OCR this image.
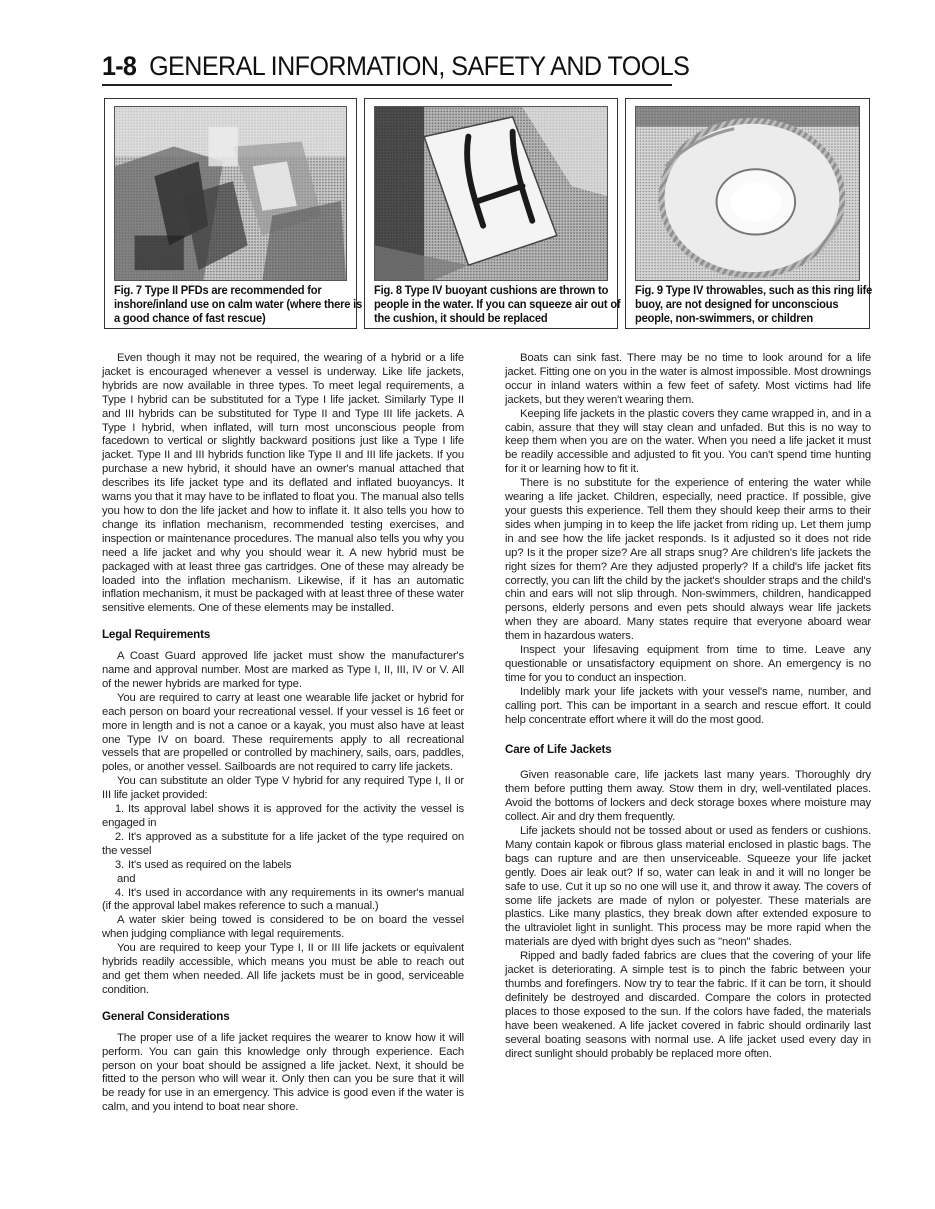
1-8 GENERAL INFORMATION, SAFETY AND TOOLS
Fig. 7 Type II PFDs are recommended for inshore/inland use on calm water (where there is a good chance of fast rescue)
Fig. 8 Type IV buoyant cushions are thrown to people in the water. If you can squeeze air out of the cushion, it should be replaced
Fig. 9 Type IV throwables, such as this ring life buoy, are not designed for unconscious people, non-swimmers, or children

Even though it may not be required, the wearing of a hybrid or a life jacket is encouraged whenever a vessel is underway. Like life jackets, hybrids are now available in three types. To meet legal requirements, a Type I hybrid can be substituted for a Type I life jacket. Similarly Type II and III hybrids can be substituted for Type II and Type III life jackets. A Type I hybrid, when inflated, will turn most unconscious people from facedown to vertical or slightly backward positions just like a Type I life jacket. Type II and III hybrids function like Type II and III life jackets. If you purchase a new hybrid, it should have an owner's manual attached that describes its life jacket type and its deflated and inflated buoyancys. It warns you that it may have to be inflated to float you. The manual also tells you how to don the life jacket and how to inflate it. It also tells you how to change its inflation mechanism, recommended testing exercises, and inspection or maintenance procedures. The manual also tells you why you need a life jacket and why you should wear it. A new hybrid must be packaged with at least three gas cartridges. One of these may already be loaded into the inflation mechanism. Likewise, if it has an automatic inflation mechanism, it must be packaged with at least three of these water sensitive elements. One of these elements may be installed.

Legal Requirements

A Coast Guard approved life jacket must show the manufacturer's name and approval number. Most are marked as Type I, II, III, IV or V. All of the newer hybrids are marked for type.

You are required to carry at least one wearable life jacket or hybrid for each person on board your recreational vessel. If your vessel is 16 feet or more in length and is not a canoe or a kayak, you must also have at least one Type IV on board. These requirements apply to all recreational vessels that are propelled or controlled by machinery, sails, oars, paddles, poles, or another vessel. Sailboards are not required to carry life jackets.

You can substitute an older Type V hybrid for any required Type I, II or III life jacket provided:

1. Its approval label shows it is approved for the activity the vessel is engaged in

2. It's approved as a substitute for a life jacket of the type required on the vessel

3. It's used as required on the labels

and

4. It's used in accordance with any requirements in its owner's manual (if the approval label makes reference to such a manual.)

A water skier being towed is considered to be on board the vessel when judging compliance with legal requirements.

You are required to keep your Type I, II or III life jackets or equivalent hybrids readily accessible, which means you must be able to reach out and get them when needed. All life jackets must be in good, serviceable condition.

General Considerations

The proper use of a life jacket requires the wearer to know how it will perform. You can gain this knowledge only through experience. Each person on your boat should be assigned a life jacket. Next, it should be fitted to the person who will wear it. Only then can you be sure that it will be ready for use in an emergency. This advice is good even if the water is calm, and you intend to boat near shore.

Boats can sink fast. There may be no time to look around for a life jacket. Fitting one on you in the water is almost impossible. Most drownings occur in inland waters within a few feet of safety. Most victims had life jackets, but they weren't wearing them.

Keeping life jackets in the plastic covers they came wrapped in, and in a cabin, assure that they will stay clean and unfaded. But this is no way to keep them when you are on the water. When you need a life jacket it must be readily accessible and adjusted to fit you. You can't spend time hunting for it or learning how to fit it.

There is no substitute for the experience of entering the water while wearing a life jacket. Children, especially, need practice. If possible, give your guests this experience. Tell them they should keep their arms to their sides when jumping in to keep the life jacket from riding up. Let them jump in and see how the life jacket responds. Is it adjusted so it does not ride up? Is it the proper size? Are all straps snug? Are children's life jackets the right sizes for them? Are they adjusted properly? If a child's life jacket fits correctly, you can lift the child by the jacket's shoulder straps and the child's chin and ears will not slip through. Non-swimmers, children, handicapped persons, elderly persons and even pets should always wear life jackets when they are aboard. Many states require that everyone aboard wear them in hazardous waters.

Inspect your lifesaving equipment from time to time. Leave any questionable or unsatisfactory equipment on shore. An emergency is no time for you to conduct an inspection.

Indelibly mark your life jackets with your vessel's name, number, and calling port. This can be important in a search and rescue effort. It could help concentrate effort where it will do the most good.

Care of Life Jackets

Given reasonable care, life jackets last many years. Thoroughly dry them before putting them away. Stow them in dry, well-ventilated places. Avoid the bottoms of lockers and deck storage boxes where moisture may collect. Air and dry them frequently.

Life jackets should not be tossed about or used as fenders or cushions. Many contain kapok or fibrous glass material enclosed in plastic bags. The bags can rupture and are then unserviceable. Squeeze your life jacket gently. Does air leak out? If so, water can leak in and it will no longer be safe to use. Cut it up so no one will use it, and throw it away. The covers of some life jackets are made of nylon or polyester. These materials are plastics. Like many plastics, they break down after extended exposure to the ultraviolet light in sunlight. This process may be more rapid when the materials are dyed with bright dyes such as "neon" shades.

Ripped and badly faded fabrics are clues that the covering of your life jacket is deteriorating. A simple test is to pinch the fabric between your thumbs and forefingers. Now try to tear the fabric. If it can be torn, it should definitely be destroyed and discarded. Compare the colors in protected places to those exposed to the sun. If the colors have faded, the materials have been weakened. A life jacket covered in fabric should ordinarily last several boating seasons with normal use. A life jacket used every day in direct sunlight should probably be replaced more often.
